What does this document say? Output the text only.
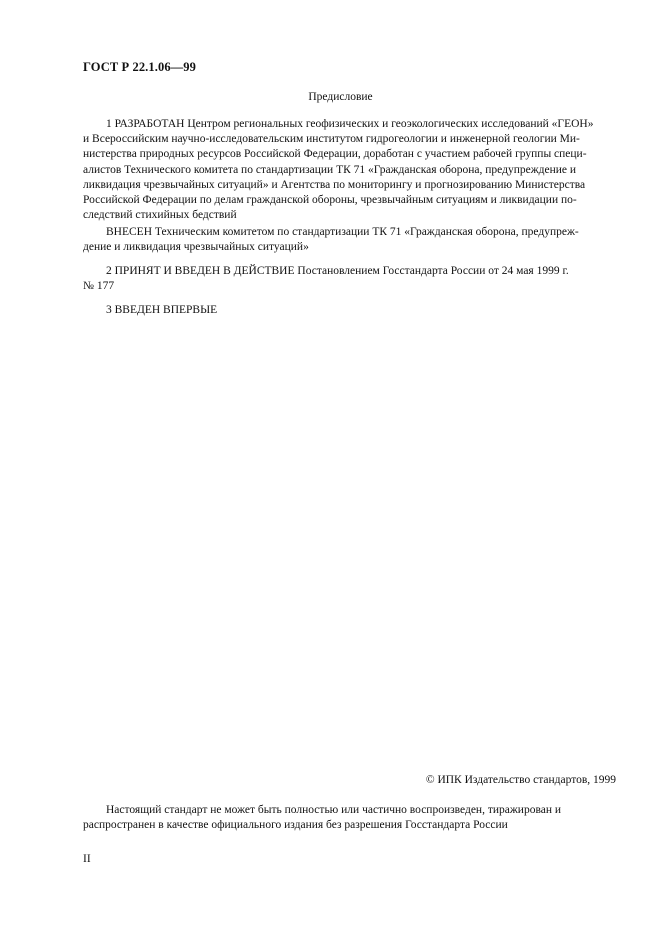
ГОСТ Р 22.1.06—99
Предисловие
1 РАЗРАБОТАН Центром региональных геофизических и геоэкологических исследований «ГЕОН»
и Всероссийским научно-исследовательским институтом гидрогеологии и инженерной геологии Ми-
нистерства природных ресурсов Российской Федерации, доработан с участием рабочей группы специ-
алистов Технического комитета по стандартизации ТК 71 «Гражданская оборона, предупреждение и
ликвидация чрезвычайных ситуаций» и Агентства по мониторингу и прогнозированию Министерства
Российской Федерации по делам гражданской обороны, чрезвычайным ситуациям и ликвидации по-
следствий стихийных бедствий
ВНЕСЕН Техническим комитетом по стандартизации ТК 71 «Гражданская оборона, предупреж-
дение и ликвидация чрезвычайных ситуаций»
2 ПРИНЯТ И ВВЕДЕН В ДЕЙСТВИЕ Постановлением Госстандарта России от 24 мая 1999 г.
№ 177
3 ВВЕДЕН ВПЕРВЫЕ
© ИПК Издательство стандартов, 1999
Настоящий стандарт не может быть полностью или частично воспроизведен, тиражирован и
распространен в качестве официального издания без разрешения Госстандарта России
II
